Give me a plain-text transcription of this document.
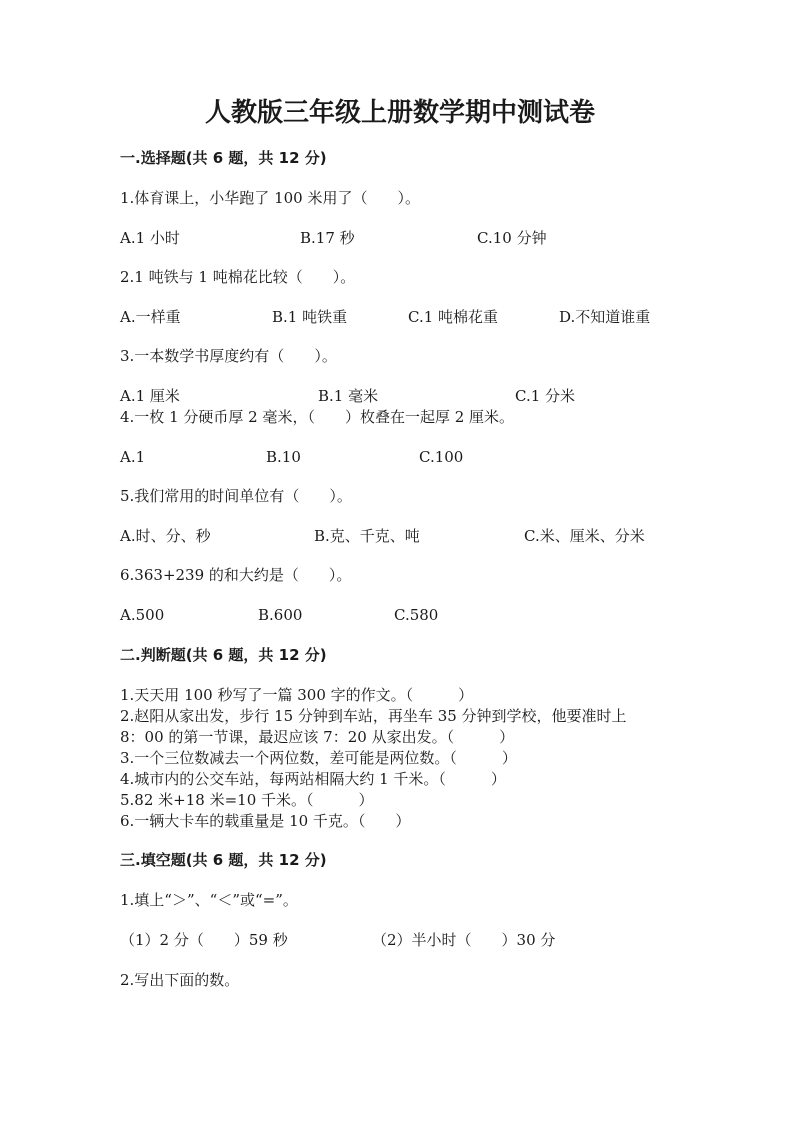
人教版三年级上册数学期中测试卷
一.选择题(共 6 题，共 12 分)
1.体育课上，小华跑了 100 米用了（　　）。
A.1 小时	B.17 秒	C.10 分钟
2.1 吨铁与 1 吨棉花比较（　　）。
A.一样重	B.1 吨铁重	C.1 吨棉花重	D.不知道谁重
3.一本数学书厚度约有（　　）。
A.1 厘米	B.1 毫米	C.1 分米
4.一枚 1 分硬币厚 2 毫米，（　　）枚叠在一起厚 2 厘米。
A.1	B.10	C.100
5.我们常用的时间单位有（　　）。
A.时、分、秒	B.克、千克、吨	C.米、厘米、分米
6.363+239 的和大约是（　　）。
A.500	B.600	C.580
二.判断题(共 6 题，共 12 分)
1.天天用 100 秒写了一篇 300 字的作文。（　　　）
2.赵阳从家出发，步行 15 分钟到车站，再坐车 35 分钟到学校，他要准时上
8：00 的第一节课，最迟应该 7：20 从家出发。（　　　）
3.一个三位数减去一个两位数，差可能是两位数。（　　　）
4.城市内的公交车站，每两站相隔大约 1 千米。（　　　）
5.82 米+18 米=10 千米。（　　　）
6.一辆大卡车的载重量是 10 千克。（　　）
三.填空题(共 6 题，共 12 分)
1.填上“＞”、“＜”或“=”。
（1）2 分（　　）59 秒	（2）半小时（　　）30 分
2.写出下面的数。
